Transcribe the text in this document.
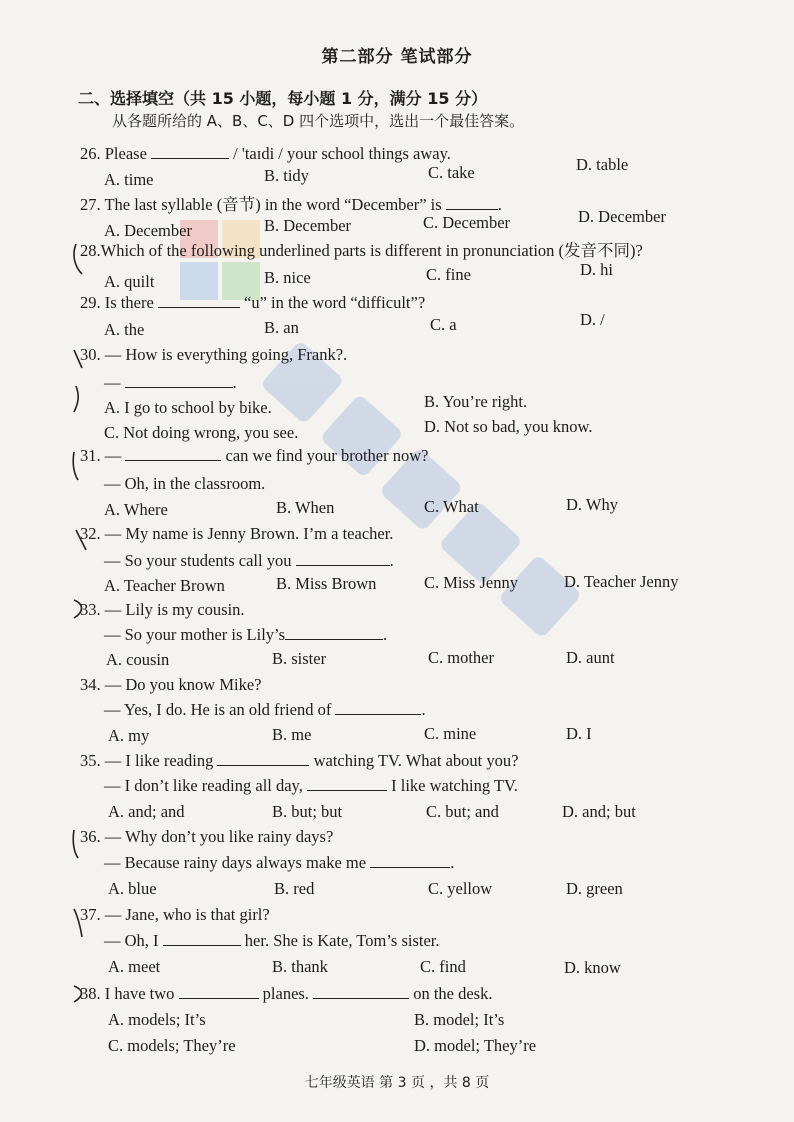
第二部分 笔试部分
二、选择填空（共 15 小题，每小题 1 分，满分 15 分）
从各题所给的 A、B、C、D 四个选项中，选出一个最佳答案。
26. Please	/ 'taɪdi / your school things away.
A. time	B. tidy	C. take	D. table
27. The last syllable (音节) in the word “December” is	.
A. December	B. December	C. December	D. December
28.Which of the following underlined parts is different in pronunciation (发音不同)?
A. quilt	B. nice	C. fine	D. hi
29. Is there	“u” in the word “difficult”?
A. the	B. an	C. a	D. /
30. — How is everything going, Frank?.
—	.
A. I go to school by bike.	B. You’re right.
C. Not doing wrong, you see.	D. Not so bad, you know.
31. —	can we find your brother now?
— Oh, in the classroom.
A. Where	B. When	C. What	D. Why
32. — My name is Jenny Brown. I’m a teacher.
— So your students call you	.
A. Teacher Brown	B. Miss Brown	C. Miss Jenny	D. Teacher Jenny
33. — Lily is my cousin.
— So your mother is Lily’s	.
A. cousin	B. sister	C. mother	D. aunt
34. — Do you know Mike?
— Yes, I do. He is an old friend of	.
A. my	B. me	C. mine	D. I
35. — I like reading	watching TV. What about you?
— I don’t like reading all day,	I like watching TV.
A. and; and	B. but; but	C. but; and	D. and; but
36. — Why don’t you like rainy days?
— Because rainy days always make me	.
A. blue	B. red	C. yellow	D. green
37. — Jane, who is that girl?
— Oh, I	her. She is Kate, Tom’s sister.
A. meet	B. thank	C. find	D. know
38. I have two	planes.	on the desk.
A. models; It’s	B. model; It’s
C. models; They’re	D. model; They’re
七年级英语 第 3 页 ，共 8 页
